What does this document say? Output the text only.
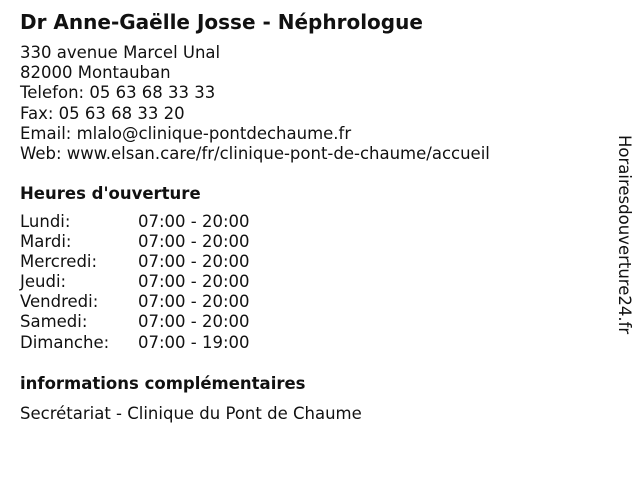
Dr Anne-Gaëlle Josse - Néphrologue
330 avenue Marcel Unal
82000 Montauban
Telefon: 05 63 68 33 33
Fax: 05 63 68 33 20
Email: mlalo@clinique-pontdechaume.fr
Web: www.elsan.care/fr/clinique-pont-de-chaume/accueil
Heures d'ouverture
Lundi:	07:00 - 20:00
Mardi:	07:00 - 20:00
Mercredi: 07:00 - 20:00
Jeudi:	07:00 - 20:00
Vendredi: 07:00 - 20:00
Samedi:	07:00 - 20:00
Dimanche: 07:00 - 19:00
informations complémentaires
Secrétariat - Clinique du Pont de Chaume
Horairesdouverture24.fr
